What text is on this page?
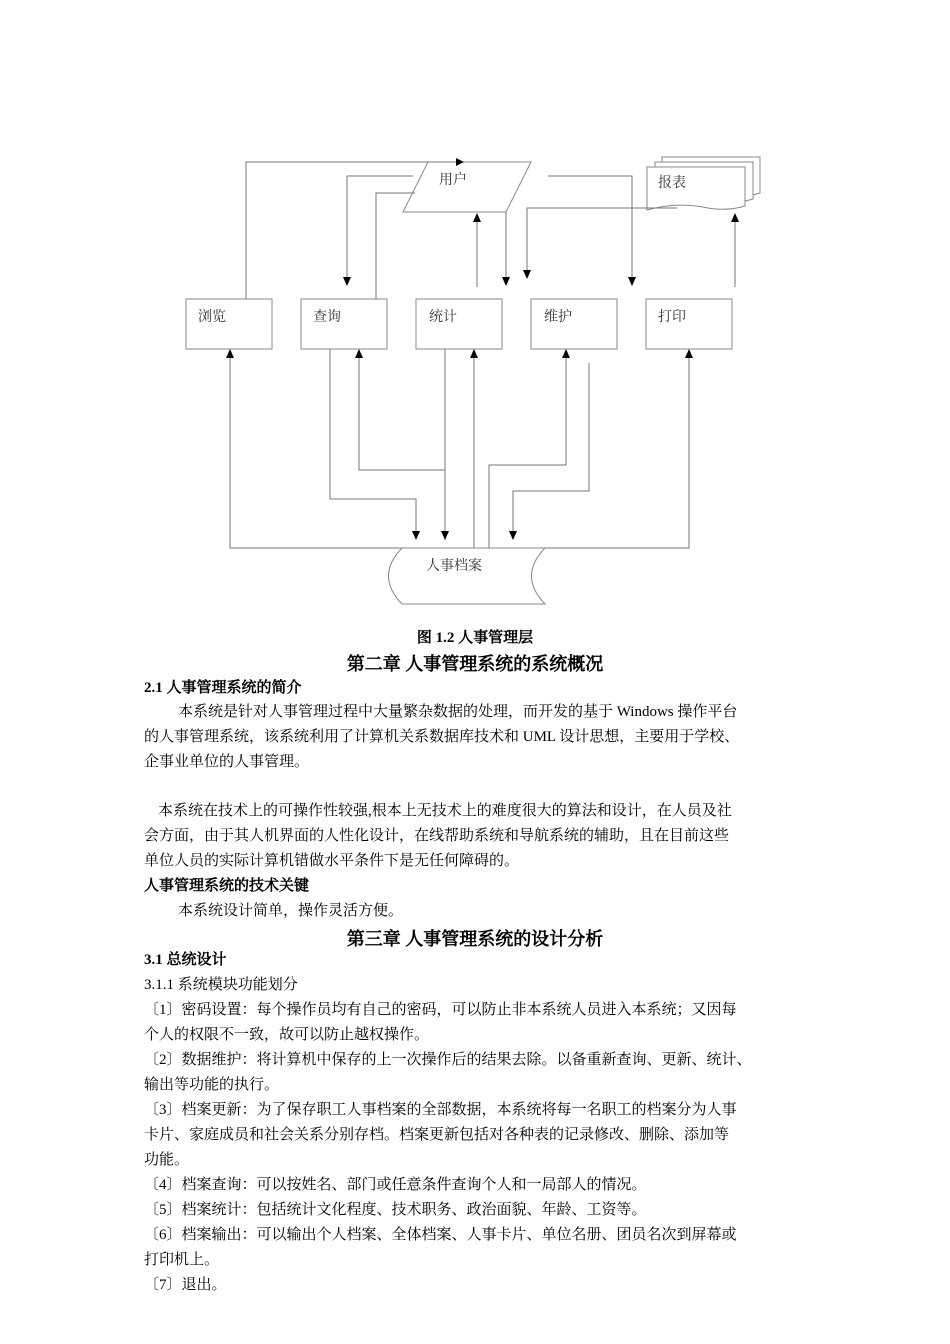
用户	报表
浏览	查询	统计	维护	打印
人事档案
图 1.2 人事管理层
第二章 人事管理系统的系统概况
2.1 人事管理系统的简介
本系统是针对人事管理过程中大量繁杂数据的处理，而开发的基于 Windows 操作平台
的人事管理系统，该系统利用了计算机关系数据库技术和 UML 设计思想，主要用于学校、
企事业单位的人事管理。
本系统在技术上的可操作性较强,根本上无技术上的难度很大的算法和设计，在人员及社
会方面，由于其人机界面的人性化设计，在线帮助系统和导航系统的辅助，且在目前这些
单位人员的实际计算机错做水平条件下是无任何障碍的。
人事管理系统的技术关键
本系统设计简单，操作灵活方便。
第三章 人事管理系统的设计分析
3.1 总统设计
3.1.1 系统模块功能划分
〔1〕密码设置：每个操作员均有自己的密码，可以防止非本系统人员进入本系统；又因每
个人的权限不一致，故可以防止越权操作。
〔2〕数据维护：将计算机中保存的上一次操作后的结果去除。以备重新查询、更新、统计、
输出等功能的执行。
〔3〕档案更新：为了保存职工人事档案的全部数据，本系统将每一名职工的档案分为人事
卡片、家庭成员和社会关系分别存档。档案更新包括对各种表的记录修改、删除、添加等
功能。
〔4〕档案查询：可以按姓名、部门或任意条件查询个人和一局部人的情况。
〔5〕档案统计：包括统计文化程度、技术职务、政治面貌、年龄、工资等。
〔6〕档案输出：可以输出个人档案、全体档案、人事卡片、单位名册、团员名次到屏幕或
打印机上。
〔7〕退出。
